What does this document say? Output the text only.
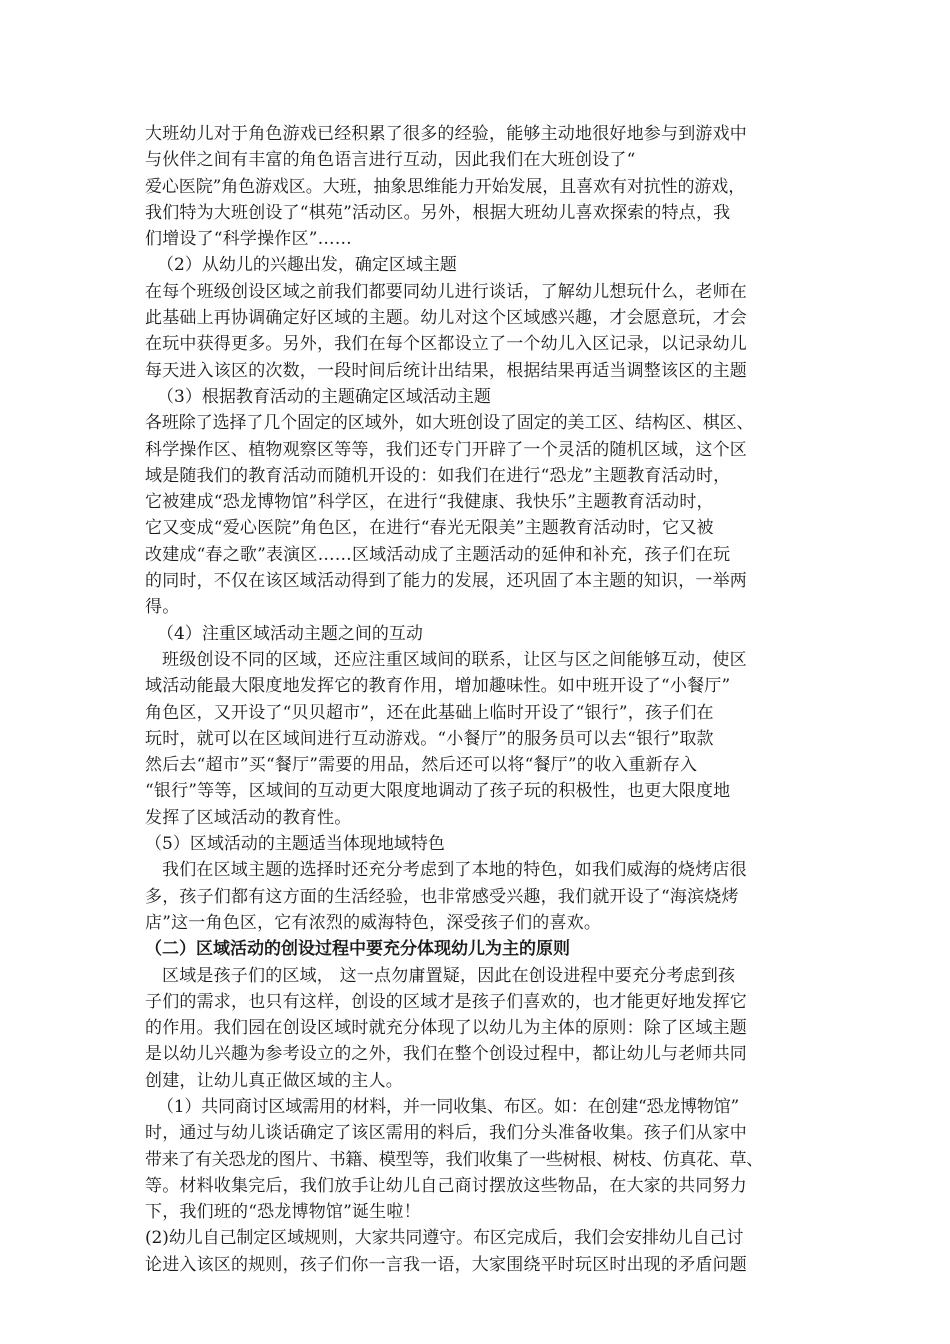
大班幼儿对于角色游戏已经积累了很多的经验，能够主动地很好地参与到游戏中
与伙伴之间有丰富的角色语言进行互动，因此我们在大班创设了“
爱心医院”角色游戏区。大班，抽象思维能力开始发展，且喜欢有对抗性的游戏，
我们特为大班创设了“棋苑”活动区。另外，根据大班幼儿喜欢探索的特点，我
们增设了“科学操作区”……
（2）从幼儿的兴趣出发，确定区域主题
在每个班级创设区域之前我们都要同幼儿进行谈话，了解幼儿想玩什么，老师在
此基础上再协调确定好区域的主题。幼儿对这个区域感兴趣，才会愿意玩，才会
在玩中获得更多。另外，我们在每个区都设立了一个幼儿入区记录，以记录幼儿
每天进入该区的次数，一段时间后统计出结果，根据结果再适当调整该区的主题
（3）根据教育活动的主题确定区域活动主题
各班除了选择了几个固定的区域外，如大班创设了固定的美工区、结构区、棋区、
科学操作区、植物观察区等等，我们还专门开辟了一个灵活的随机区域，这个区
域是随我们的教育活动而随机开设的：如我们在进行“恐龙”主题教育活动时，
它被建成“恐龙博物馆”科学区，在进行“我健康、我快乐”主题教育活动时，
它又变成“爱心医院”角色区，在进行“春光无限美”主题教育活动时，它又被
改建成“春之歌”表演区……区域活动成了主题活动的延伸和补充，孩子们在玩
的同时，不仅在该区域活动得到了能力的发展，还巩固了本主题的知识，一举两
得。
（4）注重区域活动主题之间的互动
班级创设不同的区域，还应注重区域间的联系，让区与区之间能够互动，使区
域活动能最大限度地发挥它的教育作用，增加趣味性。如中班开设了“小餐厅”
角色区，又开设了“贝贝超市”，还在此基础上临时开设了“银行”，孩子们在
玩时，就可以在区域间进行互动游戏。“小餐厅”的服务员可以去“银行”取款
然后去“超市”买“餐厅”需要的用品，然后还可以将“餐厅”的收入重新存入
“银行”等等，区域间的互动更大限度地调动了孩子玩的积极性，也更大限度地
发挥了区域活动的教育性。
（5）区域活动的主题适当体现地域特色
我们在区域主题的选择时还充分考虑到了本地的特色，如我们威海的烧烤店很
多，孩子们都有这方面的生活经验，也非常感受兴趣，我们就开设了“海滨烧烤
店”这一角色区，它有浓烈的威海特色，深受孩子们的喜欢。
（二）区域活动的创设过程中要充分体现幼儿为主的原则
区域是孩子们的区域， 这一点勿庸置疑，因此在创设进程中要充分考虑到孩
子们的需求，也只有这样，创设的区域才是孩子们喜欢的，也才能更好地发挥它
的作用。我们园在创设区域时就充分体现了以幼儿为主体的原则：除了区域主题
是以幼儿兴趣为参考设立的之外，我们在整个创设过程中，都让幼儿与老师共同
创建，让幼儿真正做区域的主人。
（1）共同商讨区域需用的材料，并一同收集、布区。如：在创建“恐龙博物馆”
时，通过与幼儿谈话确定了该区需用的料后，我们分头准备收集。孩子们从家中
带来了有关恐龙的图片、书籍、模型等，我们收集了一些树根、树枝、仿真花、草、
等。材料收集完后，我们放手让幼儿自己商讨摆放这些物品，在大家的共同努力
下，我们班的“恐龙博物馆”诞生啦！
(2)幼儿自己制定区域规则，大家共同遵守。布区完成后，我们会安排幼儿自己讨
论进入该区的规则，孩子们你一言我一语，大家围绕平时玩区时出现的矛盾问题
